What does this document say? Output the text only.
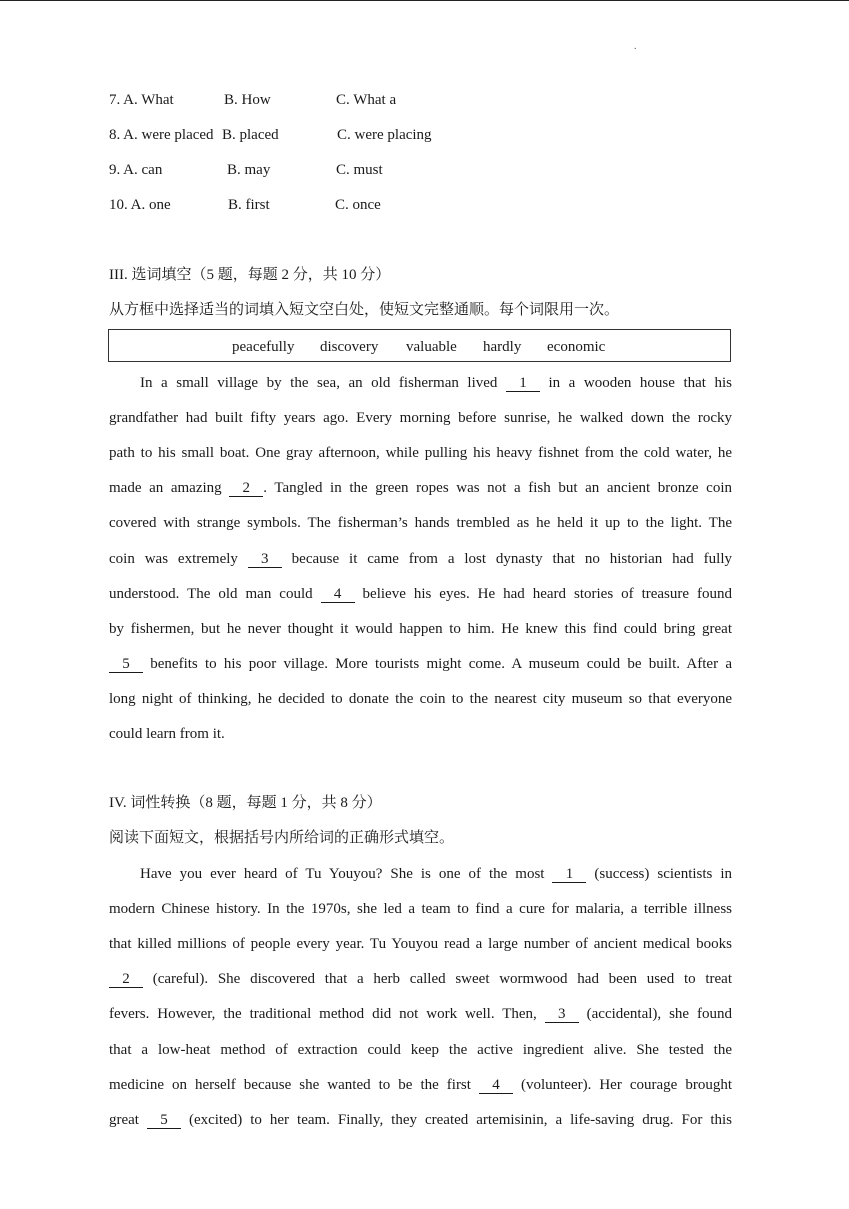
.
7. A. What	B. How	C. What a
8. A. were placed B. placed	C. were placing
9. A. can	B. may	C. must
10. A. one	B. first	C. once
III. 选词填空（5 题，每题 2 分，共 10 分）
从方框中选择适当的词填入短文空白处，使短文完整通顺。每个词限用一次。
peacefully discovery valuable hardly economic
In a small village by the sea, an old fisherman lived    1    in a wooden house that his
grandfather had built fifty years ago. Every morning before sunrise, he walked down the rocky
path to his small boat. One gray afternoon, while pulling his heavy fishnet from the cold water, he
made an amazing    2   . Tangled in the green ropes was not a fish but an ancient bronze coin
covered with strange symbols. The fisherman’s hands trembled as he held it up to the light. The
coin was extremely    3    because it came from a lost dynasty that no historian had fully
understood. The old man could    4    believe his eyes. He had heard stories of treasure found
by fishermen, but he never thought it would happen to him. He knew this find could bring great
5    benefits to his poor village. More tourists might come. A museum could be built. After a
long night of thinking, he decided to donate the coin to the nearest city museum so that everyone
could learn from it.
IV. 词性转换（8 题，每题 1 分，共 8 分）
阅读下面短文，根据括号内所给词的正确形式填空。
Have you ever heard of Tu Youyou? She is one of the most    1    (success) scientists in
modern Chinese history. In the 1970s, she led a team to find a cure for malaria, a terrible illness
that killed millions of people every year. Tu Youyou read a large number of ancient medical books
2    (careful). She discovered that a herb called sweet wormwood had been used to treat
fevers. However, the traditional method did not work well. Then,    3    (accidental), she found
that a low-heat method of extraction could keep the active ingredient alive. She tested the
medicine on herself because she wanted to be the first    4    (volunteer). Her courage brought
great    5    (excited) to her team. Finally, they created artemisinin, a life-saving drug. For this
